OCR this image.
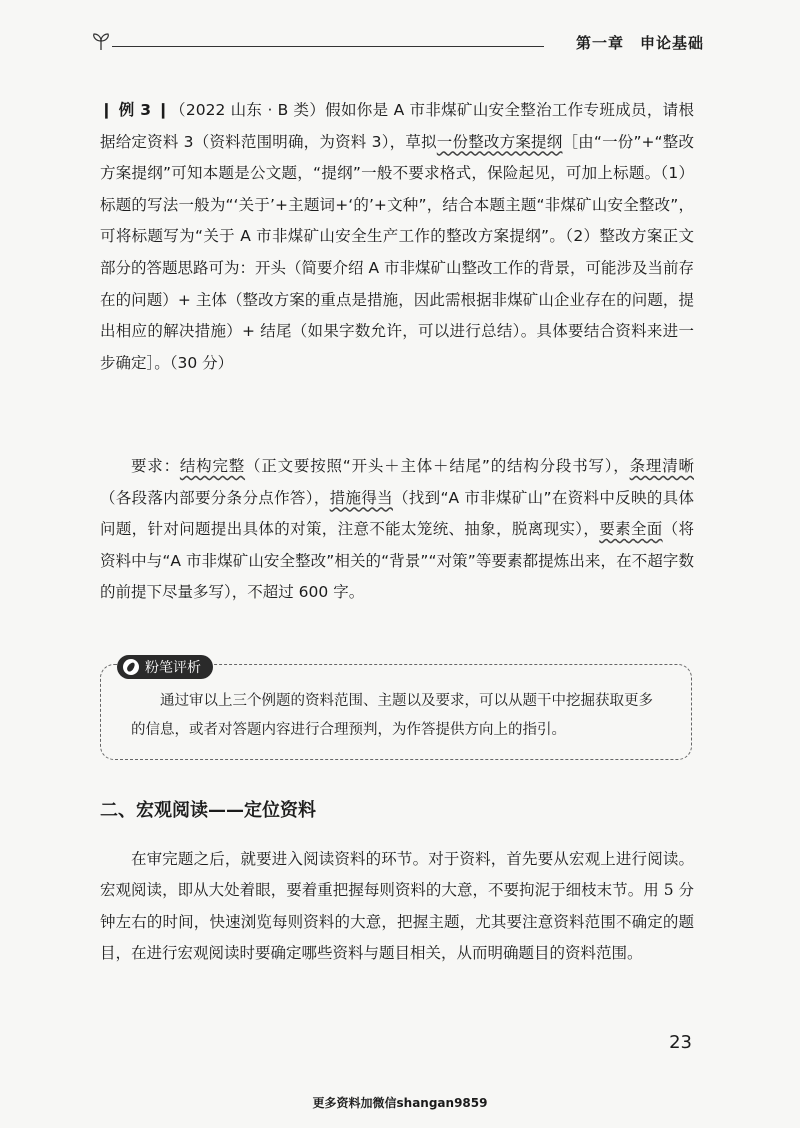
第一章　申论基础
❙ 例 3 ❙（2022 山东 · B 类）假如你是 A 市非煤矿山安全整治工作专班成员，请根据给定资料 3（资料范围明确，为资料 3），草拟一份整改方案提纲［由“一份”+“整改方案提纲”可知本题是公文题，“提纲”一般不要求格式，保险起见，可加上标题。（1）标题的写法一般为“‘关于’+主题词+‘的’+文种”，结合本题主题“非煤矿山安全整改”，可将标题写为“关于 A 市非煤矿山安全生产工作的整改方案提纲”。（2）整改方案正文部分的答题思路可为：开头（简要介绍 A 市非煤矿山整改工作的背景，可能涉及当前存在的问题）+ 主体（整改方案的重点是措施，因此需根据非煤矿山企业存在的问题，提出相应的解决措施）+ 结尾（如果字数允许，可以进行总结）。具体要结合资料来进一步确定］。（30 分）
要求：结构完整（正文要按照“开头＋主体＋结尾”的结构分段书写），条理清晰（各段落内部要分条分点作答），措施得当（找到“A 市非煤矿山”在资料中反映的具体问题，针对问题提出具体的对策，注意不能太笼统、抽象，脱离现实），要素全面（将资料中与“A 市非煤矿山安全整改”相关的“背景”“对策”等要素都提炼出来，在不超字数的前提下尽量多写），不超过 600 字。
粉笔评析
通过审以上三个例题的资料范围、主题以及要求，可以从题干中挖掘获取更多的信息，或者对答题内容进行合理预判，为作答提供方向上的指引。
二、宏观阅读——定位资料
在审完题之后，就要进入阅读资料的环节。对于资料，首先要从宏观上进行阅读。宏观阅读，即从大处着眼，要着重把握每则资料的大意，不要拘泥于细枝末节。用 5 分钟左右的时间，快速浏览每则资料的大意，把握主题，尤其要注意资料范围不确定的题目，在进行宏观阅读时要确定哪些资料与题目相关，从而明确题目的资料范围。
23
更多资料加微信shangan9859
